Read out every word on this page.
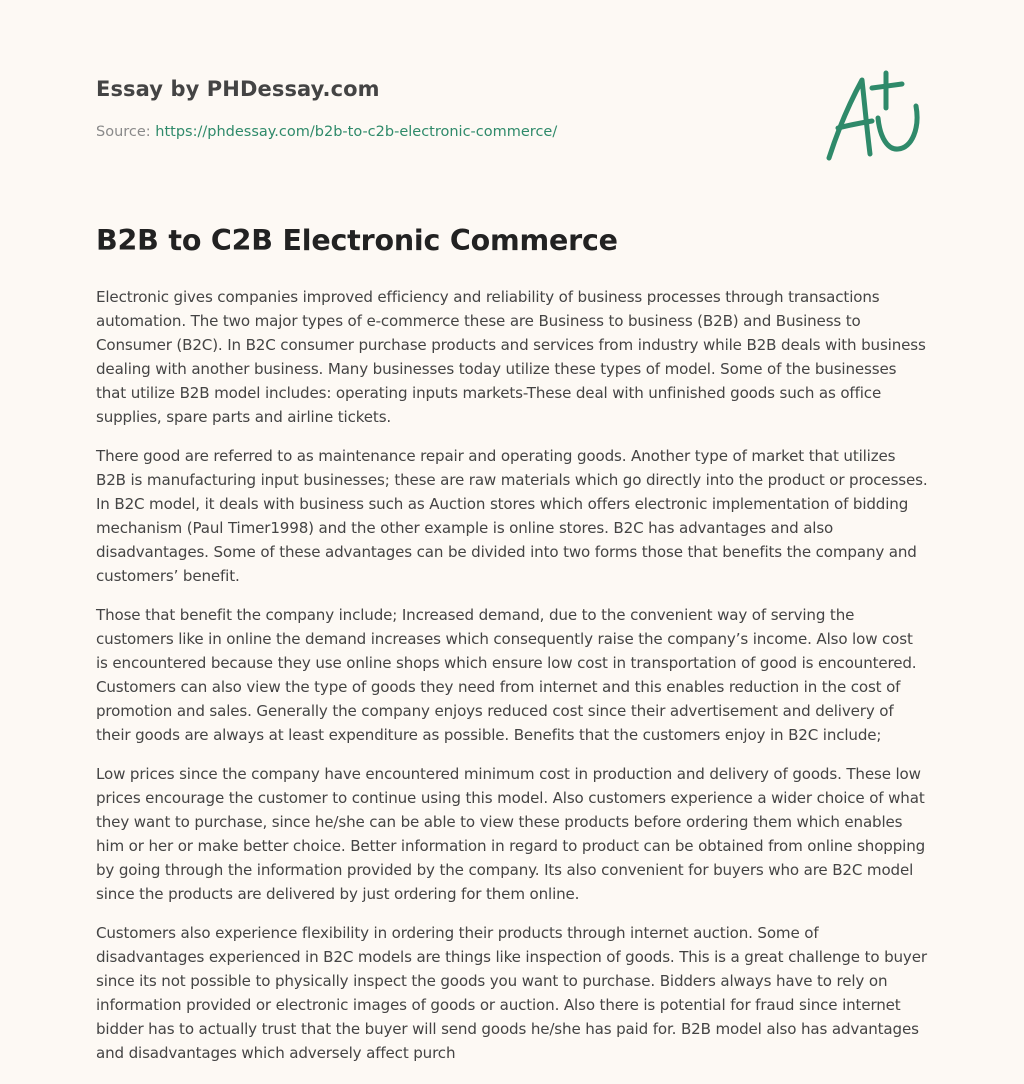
Essay by PHDessay.com
Source: https://phdessay.com/b2b-to-c2b-electronic-commerce/
B2B to C2B Electronic Commerce

Electronic gives companies improved efficiency and reliability of business processes through transactions automation. The two major types of e-commerce these are Business to business (B2B) and Business to Consumer (B2C). In B2C consumer purchase products and services from industry while B2B deals with business dealing with another business. Many businesses today utilize these types of model. Some of the businesses that utilize B2B model includes: operating inputs markets-These deal with unfinished goods such as office supplies, spare parts and airline tickets.

There good are referred to as maintenance repair and operating goods. Another type of market that utilizes B2B is manufacturing input businesses; these are raw materials which go directly into the product or processes. In B2C model, it deals with business such as Auction stores which offers electronic implementation of bidding mechanism (Paul Timer1998) and the other example is online stores. B2C has advantages and also disadvantages. Some of these advantages can be divided into two forms those that benefits the company and customers’ benefit.

Those that benefit the company include; Increased demand, due to the convenient way of serving the customers like in online the demand increases which consequently raise the company’s income. Also low cost is encountered because they use online shops which ensure low cost in transportation of good is encountered. Customers can also view the type of goods they need from internet and this enables reduction in the cost of promotion and sales. Generally the company enjoys reduced cost since their advertisement and delivery of their goods are always at least expenditure as possible. Benefits that the customers enjoy in B2C include;

Low prices since the company have encountered minimum cost in production and delivery of goods. These low prices encourage the customer to continue using this model. Also customers experience a wider choice of what they want to purchase, since he/she can be able to view these products before ordering them which enables him or her or make better choice. Better information in regard to product can be obtained from online shopping by going through the information provided by the company. Its also convenient for buyers who are B2C model since the products are delivered by just ordering for them online.

Customers also experience flexibility in ordering their products through internet auction. Some of disadvantages experienced in B2C models are things like inspection of goods. This is a great challenge to buyer since its not possible to physically inspect the goods you want to purchase. Bidders always have to rely on information provided or electronic images of goods or auction. Also there is potential for fraud since internet bidder has to actually trust that the buyer will send goods he/she has paid for. B2B model also has advantages and disadvantages which adversely affect purch
